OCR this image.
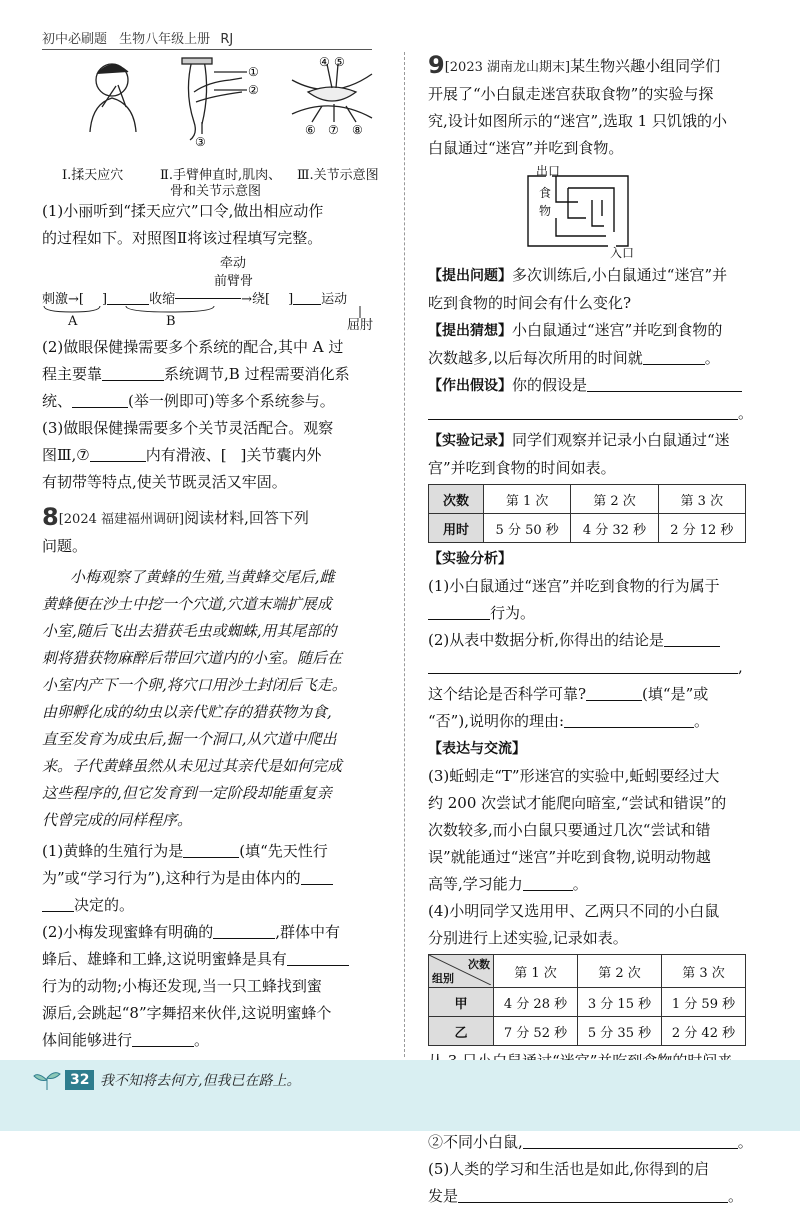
初中必刷题 生物八年级上册 RJ
①
②
③
④ ⑤
⑥ ⑦ ⑧
Ⅰ.揉天应穴	Ⅱ.手臂伸直时,肌肉、
骨和关节示意图
Ⅲ.关节示意图
(1)小丽听到“揉天应穴”口令,做出相应动作
的过程如下。对照图Ⅱ将该过程填写完整。
牵动
前臂骨
刺激→[ ]	收缩	→绕[ ] 运动
A	B	屈肘
(2)做眼保健操需要多个系统的配合,其中 A 过
程主要靠	系统调节,B 过程需要消化系
统、	(举一例即可)等多个系统参与。
(3)做眼保健操需要多个关节灵活配合。观察
图Ⅲ,⑦	内有滑液、[ ]关节囊内外
有韧带等特点,使关节既灵活又牢固。
8[2024 福建福州调研]阅读材料,回答下列
问题。
小梅观察了黄蜂的生殖,当黄蜂交尾后,雌
黄蜂便在沙土中挖一个穴道,穴道末端扩展成
小室,随后飞出去猎获毛虫或蜘蛛,用其尾部的
刺将猎获物麻醉后带回穴道内的小室。随后在
小室内产下一个卵,将穴口用沙土封闭后飞走。
由卵孵化成的幼虫以亲代贮存的猎获物为食,
直至发育为成虫后,掘一个洞口,从穴道中爬出
来。子代黄蜂虽然从未见过其亲代是如何完成
这些程序的,但它发育到一定阶段却能重复亲
代曾完成的同样程序。
(1)黄蜂的生殖行为是	(填“先天性行
为”或“学习行为”),这种行为是由体内的
决定的。
(2)小梅发现蜜蜂有明确的	,群体中有
蜂后、雄蜂和工蜂,这说明蜜蜂是具有
行为的动物;小梅还发现,当一只工蜂找到蜜
源后,会跳起“8”字舞招来伙伴,这说明蜜蜂个
体间能够进行	。
9[2023 湖南龙山期末]某生物兴趣小组同学们
开展了“小白鼠走迷宫获取食物”的实验与探
究,设计如图所示的“迷宫”,选取 1 只饥饿的小
白鼠通过“迷宫”并吃到食物。
出口
入口
食
物
【提出问题】多次训练后,小白鼠通过“迷宫”并
吃到食物的时间会有什么变化?
【提出猜想】小白鼠通过“迷宫”并吃到食物的
次数越多,以后每次所用的时间就	。
【作出假设】你的假设是
。
【实验记录】同学们观察并记录小白鼠通过“迷
宫”并吃到食物的时间如表。
次数	第 1 次	第 2 次	第 3 次
用时	5 分 50 秒	4 分 32 秒	2 分 12 秒
【实验分析】
(1)小白鼠通过“迷宫”并吃到食物的行为属于
行为。
(2)从表中数据分析,你得出的结论是
,
这个结论是否科学可靠?	(填“是”或
“否”),说明你的理由:	。
【表达与交流】
(3)蚯蚓走“T”形迷宫的实验中,蚯蚓要经过大
约 200 次尝试才能爬向暗室,“尝试和错误”的
次数较多,而小白鼠只要通过几次“尝试和错
误”就能通过“迷宫”并吃到食物,说明动物越
高等,学习能力	。
(4)小明同学又选用甲、乙两只不同的小白鼠
分别进行上述实验,记录如表。
次数
组别	第 1 次	第 2 次	第 3 次
甲	4 分 28 秒	3 分 15 秒	1 分 59 秒
乙	7 分 52 秒	5 分 35 秒	2 分 42 秒
②不同小白鼠,	。
(5)人类的学习和生活也是如此,你得到的启
发是	。
32 我不知将去何方,但我已在路上。
